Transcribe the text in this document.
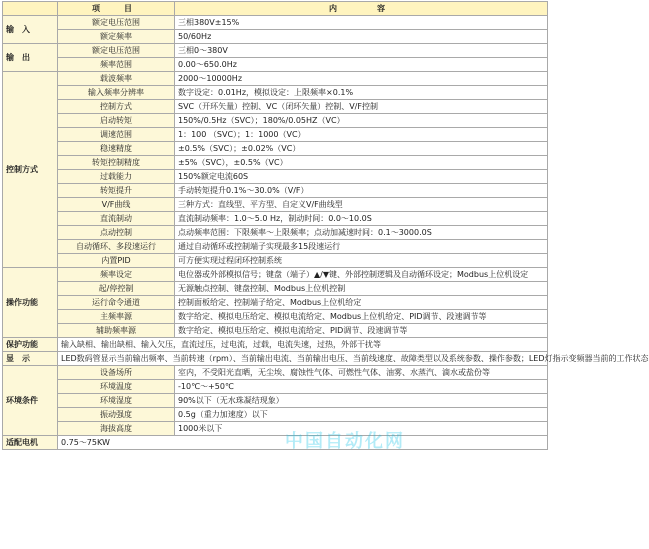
	项　目	内　　容
输　入	额定电压范围	三相380V±15%
	额定频率	50/60Hz
输　出	额定电压范围	三相0～380V
	频率范围	0.00～650.0Hz
控制方式	载波频率	2000～10000Hz
	输入频率分辨率	数字设定：0.01Hz，模拟设定：上限频率×0.1%
	控制方式	SVC（开环矢量）控制、VC（闭环矢量）控制、V/F控制
	启动转矩	150%/0.5Hz（SVC）；180%/0.05HZ（VC）
	调速范围	1：100 （SVC）；1：1000（VC）
	稳速精度	±0.5%（SVC）；±0.02%（VC）
	转矩控制精度	±5%（SVC），±0.5%（VC）
	过载能力	150%额定电流60S
	转矩提升	手动转矩提升0.1%～30.0%（V/F）
	V/F曲线	三种方式：直线型、平方型、自定义V/F曲线型
	直流制动	直流制动频率：1.0～5.0 Hz，制动时间：0.0～10.0S
	点动控制	点动频率范围：下限频率～上限频率；点动加减速时间：0.1～3000.0S
	自动循环、多段速运行	通过自动循环或控制端子实现最多15段速运行
	内置PID	可方便实现过程闭环控制系统
操作功能	频率设定	电位器或外部模拟信号；键盘（端子）▲/▼键、外部控制逻辑及自动循环设定；Modbus上位机设定
	起/停控制	无源触点控制、键盘控制、Modbus上位机控制
	运行命令通道	控制面板给定、控制端子给定、Modbus上位机给定
	主频率源	数字给定、模拟电压给定、模拟电流给定、Modbus上位机给定、PID调节、段速调节等
	辅助频率源	数字给定、模拟电压给定、模拟电流给定、PID调节、段速调节等
保护功能	输入缺相、输出缺相、输入欠压，直流过压，过电流，过载，电流失速，过热，外部干扰等	
显　示	LED数码管显示当前输出频率、当前转速（rpm）、当前输出电流、当前输出电压、当前线速度、故障类型以及系统参数、操作参数；LED灯指示变频器当前的工作状态	
环境条件	设备场所	室内，不受阳光直晒，无尘埃、腐蚀性气体、可燃性气体、油雾、水蒸汽、滴水或盐份等
	环境温度	-10℃～+50℃
	环境湿度	90%以下（无水珠凝结现象）
	振动强度	0.5g（重力加速度）以下
	海拔高度	1000米以下
适配电机	0.75～75KW		中国自动化网
